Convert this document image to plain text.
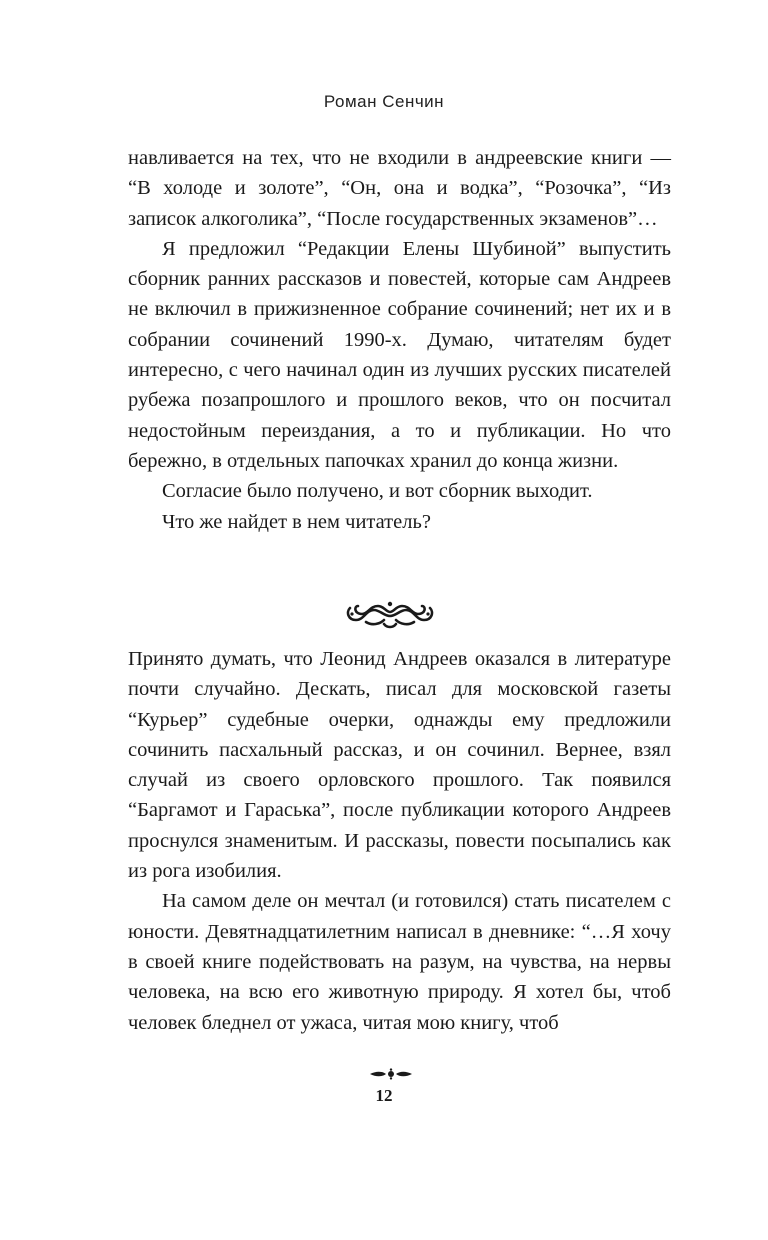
Роман Сенчин

навливается на тех, что не входили в андреевские книги — “В холоде и золоте”, “Он, она и водка”, “Розочка”, “Из записок алкоголика”, “После государственных экзаменов”…

Я предложил “Редакции Елены Шубиной” выпустить сборник ранних рассказов и повестей, которые сам Андреев не включил в прижизненное собрание сочинений; нет их и в собрании сочинений 1990-х. Думаю, читателям будет интересно, с чего начинал один из лучших русских писателей рубежа позапрошлого и прошлого веков, что он посчитал недостойным переиздания, а то и публикации. Но что бережно, в отдельных папочках хранил до конца жизни.

Согласие было получено, и вот сборник выходит.

Что же найдет в нем читатель?

Принято думать, что Леонид Андреев оказался в литературе почти случайно. Дескать, писал для московской газеты “Курьер” судебные очерки, однажды ему предложили сочинить пасхальный рассказ, и он сочинил. Вернее, взял случай из своего орловского прошлого. Так появился “Баргамот и Гараська”, после публикации которого Андреев проснулся знаменитым. И рассказы, повести посыпались как из рога изобилия.

На самом деле он мечтал (и готовился) стать писателем с юности. Девятнадцатилетним написал в дневнике: “…Я хочу в своей книге подействовать на разум, на чувства, на нервы человека, на всю его животную природу. Я хотел бы, чтоб человек бледнел от ужаса, читая мою книгу, чтоб

12
